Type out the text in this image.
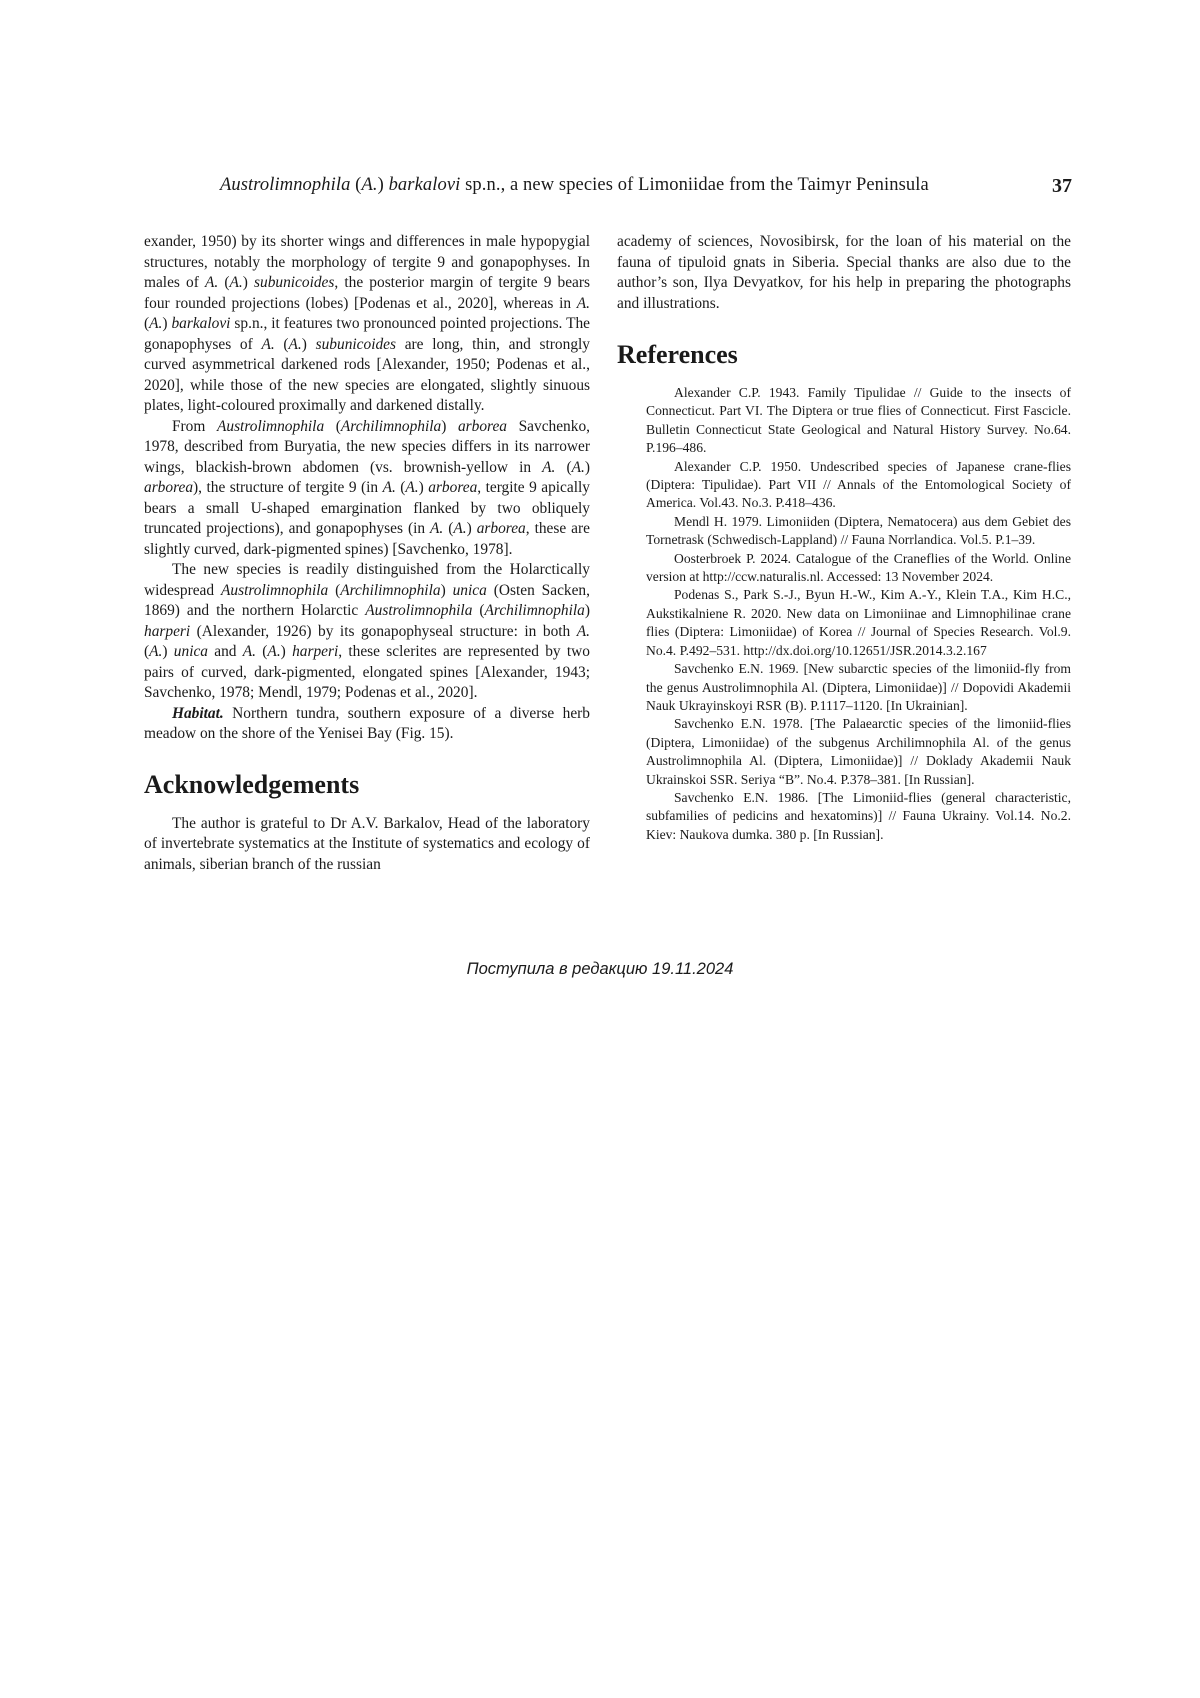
Austrolimnophila (A.) barkalovi sp.n., a new species of Limoniidae from the Taimyr Peninsula	37

exander, 1950) by its shorter wings and differences in male hypopygial structures, notably the morphology of tergite 9 and gonapophyses. In males of A. (A.) subunicoides, the posterior margin of tergite 9 bears four rounded projections (lobes) [Podenas et al., 2020], whereas in A. (A.) barkalovi sp.n., it features two pronounced pointed projections. The gonapophyses of A. (A.) subunicoides are long, thin, and strongly curved asymmetrical darkened rods [Alexander, 1950; Podenas et al., 2020], while those of the new species are elongated, slightly sinuous plates, light-coloured proximally and darkened distally.

From Austrolimnophila (Archilimnophila) arborea Savchenko, 1978, described from Buryatia, the new species differs in its narrower wings, blackish-brown abdomen (vs. brownish-yellow in A. (A.) arborea), the structure of tergite 9 (in A. (A.) arborea, tergite 9 apically bears a small U-shaped emargination flanked by two obliquely truncated projections), and gonapophyses (in A. (A.) arborea, these are slightly curved, dark-pigmented spines) [Savchenko, 1978].

The new species is readily distinguished from the Holarctically widespread Austrolimnophila (Archilimnophila) unica (Osten Sacken, 1869) and the northern Holarctic Austrolimnophila (Archilimnophila) harperi (Alexander, 1926) by its gonapophyseal structure: in both A. (A.) unica and A. (A.) harperi, these sclerites are represented by two pairs of curved, dark-pigmented, elongated spines [Alexander, 1943; Savchenko, 1978; Mendl, 1979; Podenas et al., 2020].

Habitat. Northern tundra, southern exposure of a diverse herb meadow on the shore of the Yenisei Bay (Fig. 15).

Acknowledgements

The author is grateful to Dr A.V. Barkalov, Head of the laboratory of invertebrate systematics at the Institute of systematics and ecology of animals, siberian branch of the russian

academy of sciences, Novosibirsk, for the loan of his material on the fauna of tipuloid gnats in Siberia. Special thanks are also due to the author’s son, Ilya Devyatkov, for his help in preparing the photographs and illustrations.

References

Alexander C.P. 1943. Family Tipulidae // Guide to the insects of Connecticut. Part VI. The Diptera or true flies of Connecticut. First Fascicle. Bulletin Connecticut State Geological and Natural History Survey. No.64. P.196–486.

Alexander C.P. 1950. Undescribed species of Japanese crane-flies (Diptera: Tipulidae). Part VII // Annals of the Entomological Society of America. Vol.43. No.3. P.418–436.

Mendl H. 1979. Limoniiden (Diptera, Nematocera) aus dem Gebiet des Tornetrask (Schwedisch-Lappland) // Fauna Norrlandica. Vol.5. P.1–39.

Oosterbroek P. 2024. Catalogue of the Craneflies of the World. Online version at http://ccw.naturalis.nl. Accessed: 13 November 2024.

Podenas S., Park S.-J., Byun H.-W., Kim A.-Y., Klein T.A., Kim H.C., Aukstikalniene R. 2020. New data on Limoniinae and Limnophilinae crane flies (Diptera: Limoniidae) of Korea // Journal of Species Research. Vol.9. No.4. P.492–531. http://dx.doi.org/10.12651/JSR.2014.3.2.167

Savchenko E.N. 1969. [New subarctic species of the limoniid-fly from the genus Austrolimnophila Al. (Diptera, Limoniidae)] // Dopovidi Akademii Nauk Ukrayinskoyi RSR (B). P.1117–1120. [In Ukrainian].

Savchenko E.N. 1978. [The Palaearctic species of the limoniid-flies (Diptera, Limoniidae) of the subgenus Archilimnophila Al. of the genus Austrolimnophila Al. (Diptera, Limoniidae)] // Doklady Akademii Nauk Ukrainskoi SSR. Seriya “B”. No.4. P.378–381. [In Russian].

Savchenko E.N. 1986. [The Limoniid-flies (general characteristic, subfamilies of pedicins and hexatomins)] // Fauna Ukrainy. Vol.14. No.2. Kiev: Naukova dumka. 380 p. [In Russian].

Поступила в редакцию 19.11.2024
